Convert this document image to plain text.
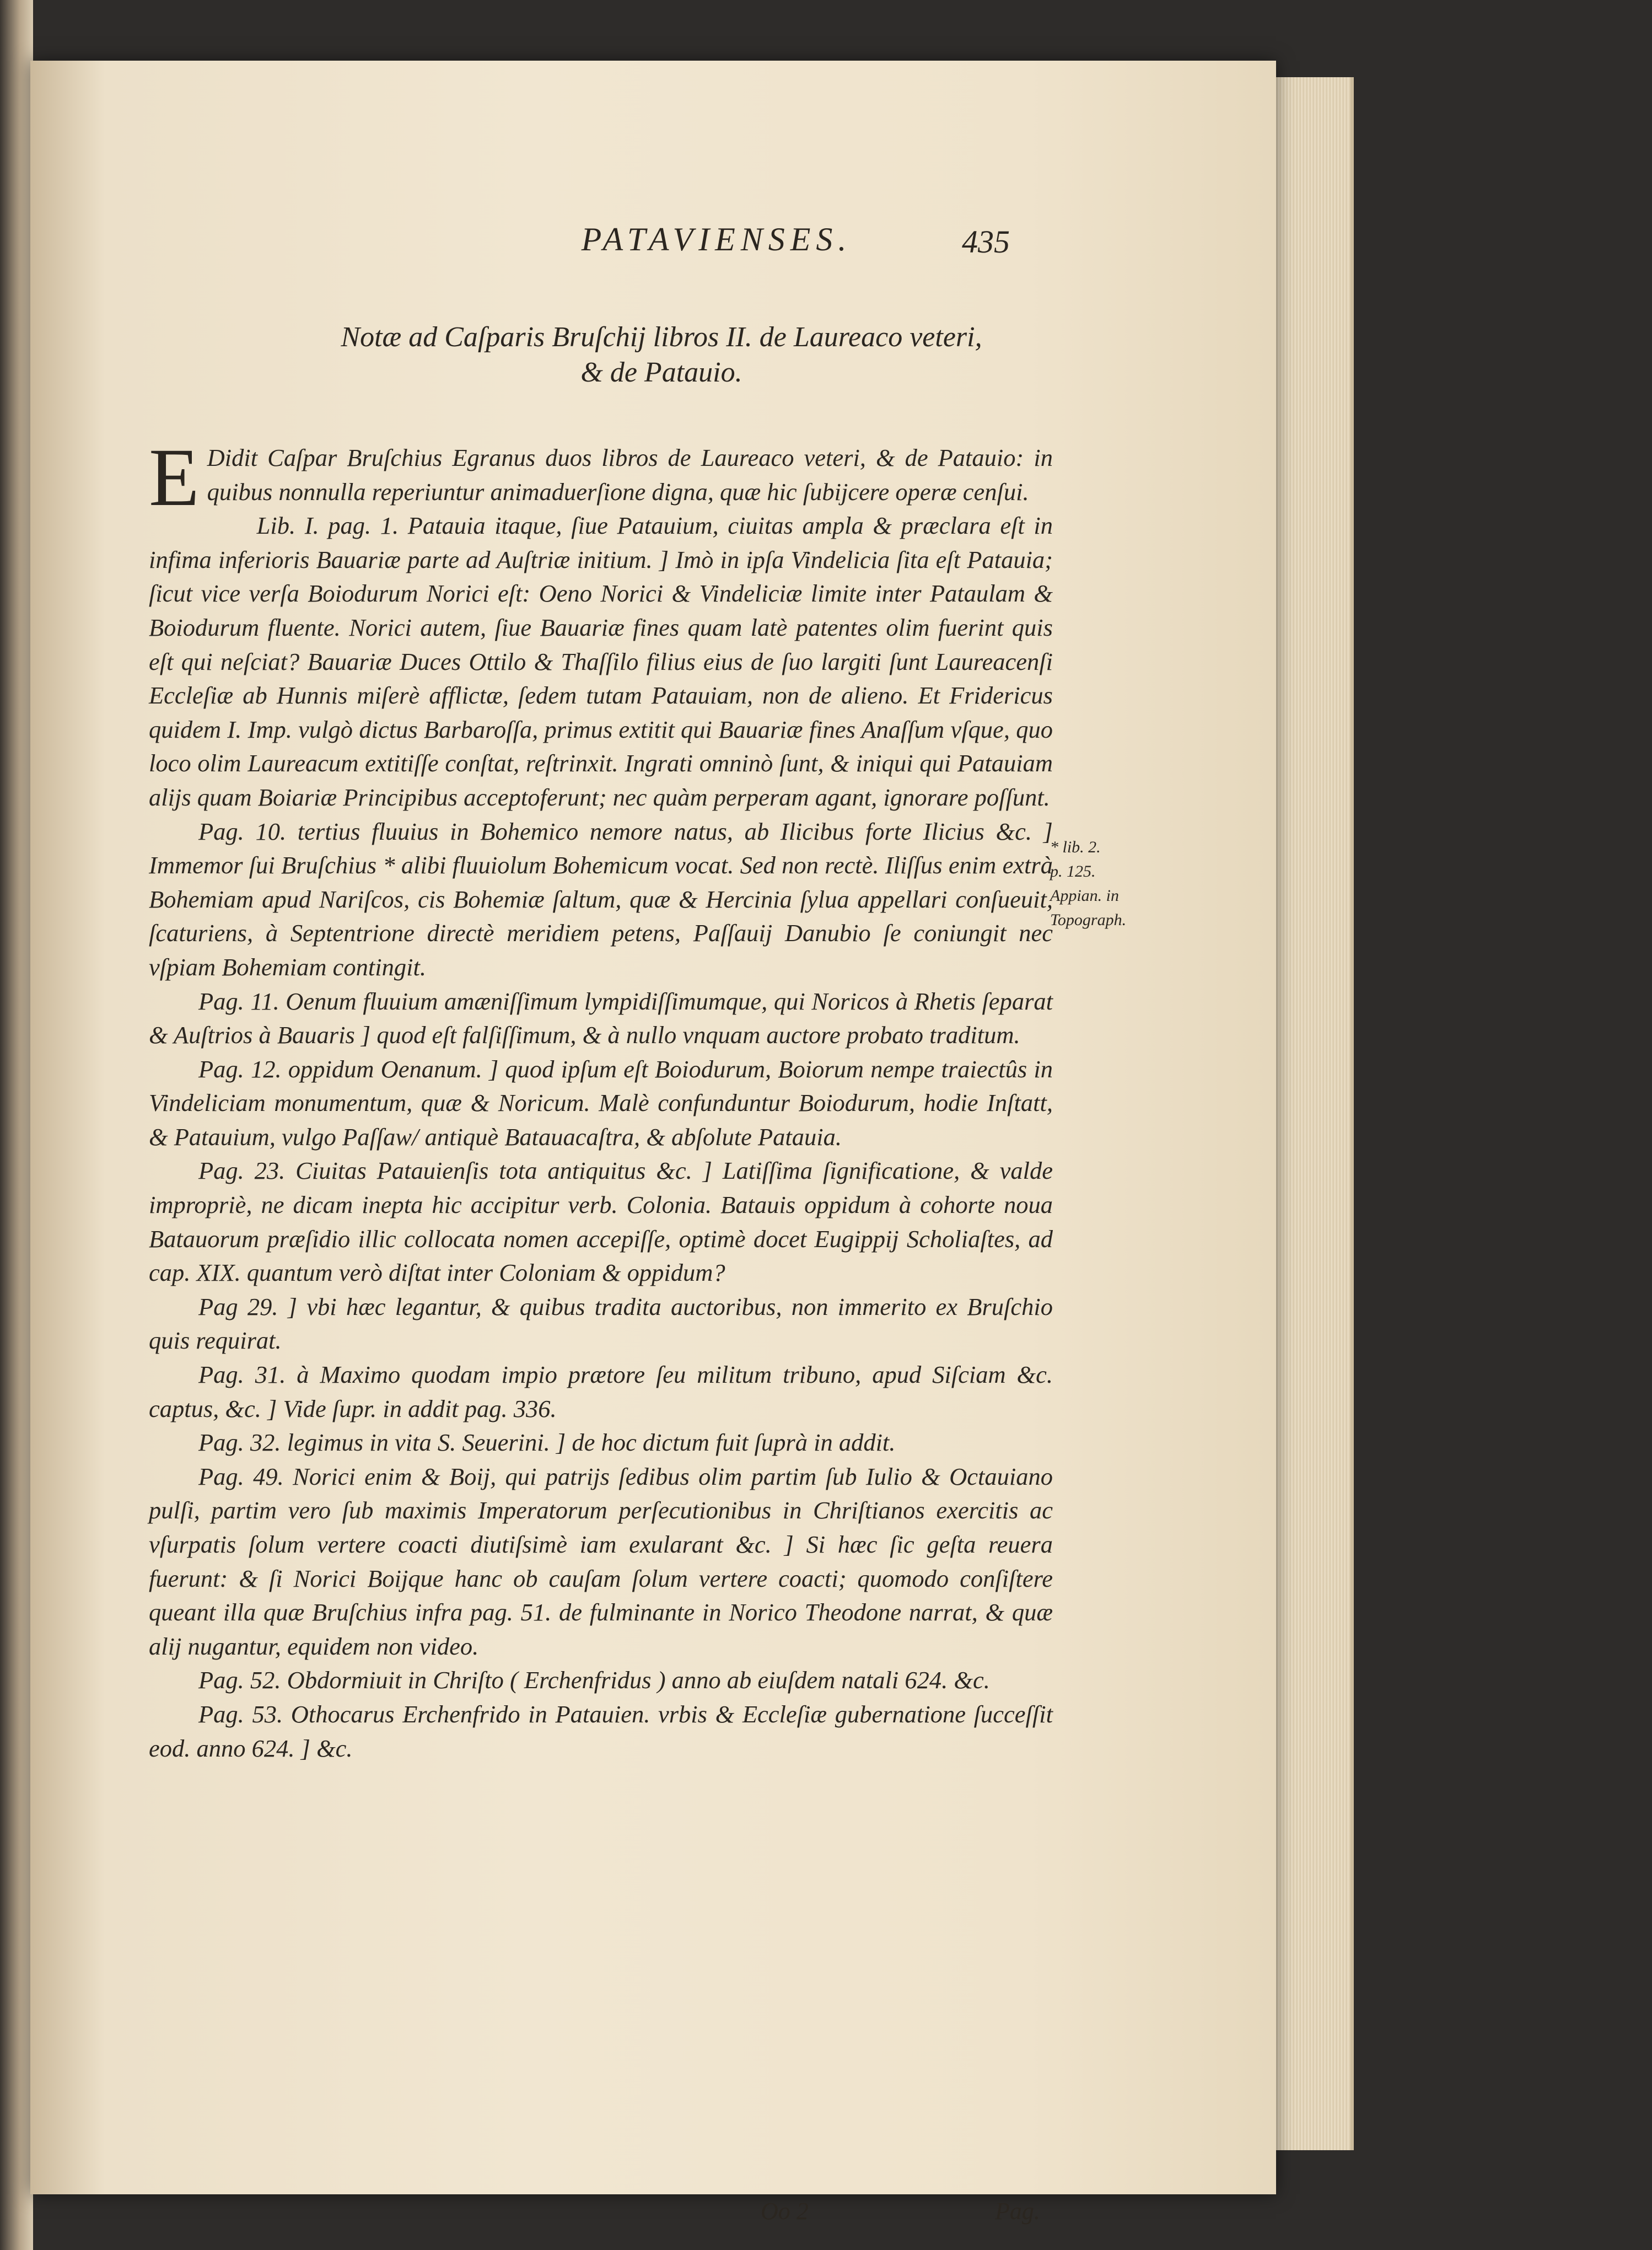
PATAVIENSES.	435
Notæ ad Caſparis Bruſchij libros II. de Laureaco veteri,
& de Patauio.

E Didit Caſpar Bruſchius Egranus duos libros de Laureaco veteri, & de Patauio: in quibus nonnulla reperiuntur animaduerſione digna, quæ hic ſubijcere operæ cenſui.

Lib. I. pag. 1. Patauia itaque, ſiue Patauium, ciuitas ampla & præclara eſt in infima inferioris Bauariæ parte ad Auſtriæ initium. ] Imò in ipſa Vindelicia ſita eſt Patauia; ſicut vice verſa Boiodurum Norici eſt: Oeno Norici & Vindeliciæ limite inter Pataulam & Boiodurum fluente. Norici autem, ſiue Bauariæ fines quam latè patentes olim fuerint quis eſt qui neſciat? Bauariæ Duces Ottilo & Thaſſilo filius eius de ſuo largiti ſunt Laureacenſi Eccleſiæ ab Hunnis miſerè afflictæ, ſedem tutam Patauiam, non de alieno. Et Fridericus quidem I. Imp. vulgò dictus Barbaroſſa, primus extitit qui Bauariæ fines Anaſſum vſque, quo loco olim Laureacum extitiſſe conſtat, reſtrinxit. Ingrati omninò ſunt, & iniqui qui Patauiam alijs quam Boiariæ Principibus acceptoferunt; nec quàm perperam agant, ignorare poſſunt.

Pag. 10. tertius fluuius in Bohemico nemore natus, ab Ilicibus forte Ilicius &c. ] Immemor ſui Bruſchius * alibi fluuiolum Bohemicum vocat. Sed non rectè. Iliſſus enim extrà Bohemiam apud Nariſcos, cis Bohemiæ ſaltum, quæ & Hercinia ſylua appellari conſueuit, ſcaturiens, à Septentrione directè meridiem petens, Paſſauij Danubio ſe coniungit nec vſpiam Bohemiam contingit.

Pag. 11. Oenum fluuium amæniſſimum lympidiſſimumque, qui Noricos à Rhetis ſeparat & Auſtrios à Bauaris ] quod eſt falſiſſimum, & à nullo vnquam auctore probato traditum.

Pag. 12. oppidum Oenanum. ] quod ipſum eſt Boiodurum, Boiorum nempe traiectûs in Vindeliciam monumentum, quæ & Noricum. Malè confunduntur Boiodurum, hodie Inſtatt, & Patauium, vulgo Paſſaw/ antiquè Batauacaſtra, & abſolute Patauia.

Pag. 23. Ciuitas Patauienſis tota antiquitus &c. ] Latiſſima ſignificatione, & valde impropriè, ne dicam inepta hic accipitur verb. Colonia. Batauis oppidum à cohorte noua Batauorum præſidio illic collocata nomen accepiſſe, optimè docet Eugippij Scholiaſtes, ad cap. XIX. quantum verò diſtat inter Coloniam & oppidum?

Pag 29. ] vbi hæc legantur, & quibus tradita auctoribus, non immerito ex Bruſchio quis requirat.

Pag. 31. à Maximo quodam impio prætore ſeu militum tribuno, apud Siſciam &c. captus, &c. ] Vide ſupr. in addit pag. 336.

Pag. 32. legimus in vita S. Seuerini. ] de hoc dictum fuit ſuprà in addit.

Pag. 49. Norici enim & Boij, qui patrijs ſedibus olim partim ſub Iulio & Octauiano pulſi, partim vero ſub maximis Imperatorum perſecutionibus in Chriſtianos exercitis ac vſurpatis ſolum vertere coacti diutiſsimè iam exularant &c. ] Si hæc ſic geſta reuera fuerunt: & ſi Norici Boijque hanc ob cauſam ſolum vertere coacti; quomodo conſiſtere queant illa quæ Bruſchius infra pag. 51. de fulminante in Norico Theodone narrat, & quæ alij nugantur, equidem non video.

Pag. 52. Obdormiuit in Chriſto ( Erchenfridus ) anno ab eiuſdem natali 624. &c.

Pag. 53. Othocarus Erchenfrido in Patauien. vrbis & Eccleſiæ gubernatione ſucceſſit eod. anno 624. ] &c.

* lib. 2.
p. 125.
Appian. in
Topograph.
Oo 2	Pag.
